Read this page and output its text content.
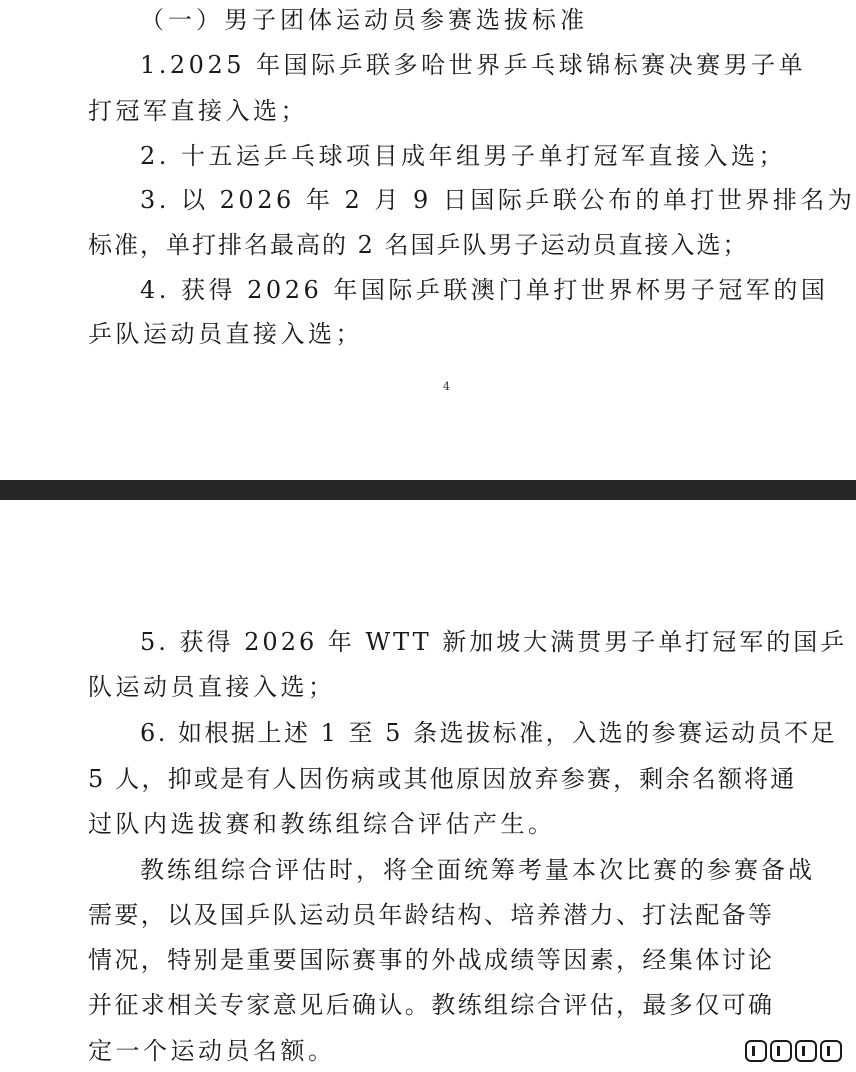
（一）男子团体运动员参赛选拔标准
1.2025 年国际乒联多哈世界乒乓球锦标赛决赛男子单
打冠军直接入选；
2. 十五运乒乓球项目成年组男子单打冠军直接入选；
3. 以 2026 年 2 月 9 日国际乒联公布的单打世界排名为
标准，单打排名最高的 2 名国乒队男子运动员直接入选；
4. 获得 2026 年国际乒联澳门单打世界杯男子冠军的国
乒队运动员直接入选；
4
5. 获得 2026 年 WTT 新加坡大满贯男子单打冠军的国乒
队运动员直接入选；
6. 如根据上述 1 至 5 条选拔标准，入选的参赛运动员不足
5 人，抑或是有人因伤病或其他原因放弃参赛，剩余名额将通
过队内选拔赛和教练组综合评估产生。
教练组综合评估时，将全面统筹考量本次比赛的参赛备战
需要，以及国乒队运动员年龄结构、培养潜力、打法配备等
情况，特别是重要国际赛事的外战成绩等因素，经集体讨论
并征求相关专家意见后确认。教练组综合评估，最多仅可确
定一个运动员名额。
